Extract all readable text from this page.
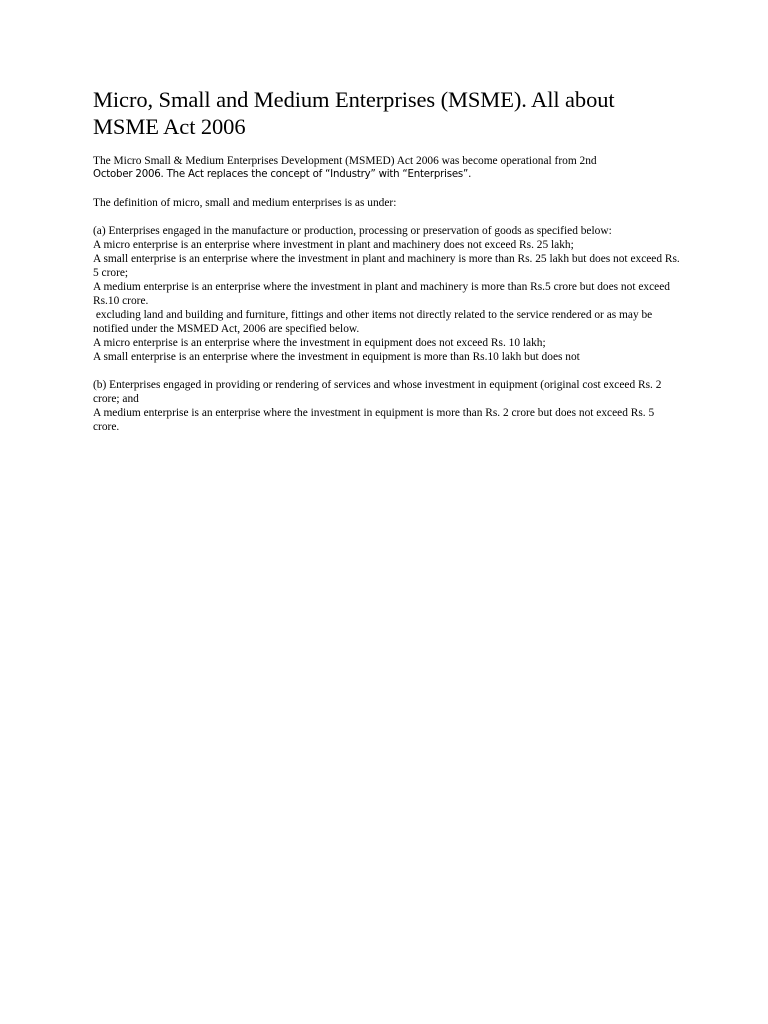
Micro, Small and Medium Enterprises (MSME). All about MSME Act 2006

The Micro Small & Medium Enterprises Development (MSMED) Act 2006 was become operational from 2nd
October 2006. The Act replaces the concept of “Industry” with “Enterprises”.

The definition of micro, small and medium enterprises is as under:

(a) Enterprises engaged in the manufacture or production, processing or preservation of goods as specified below:
A micro enterprise is an enterprise where investment in plant and machinery does not exceed Rs. 25 lakh;
A small enterprise is an enterprise where the investment in plant and machinery is more than Rs. 25 lakh but does not exceed Rs. 5 crore;
A medium enterprise is an enterprise where the investment in plant and machinery is more than Rs.5 crore but does not exceed Rs.10 crore.
excluding land and building and furniture, fittings and other items not directly related to the service rendered or as may be notified under the MSMED Act, 2006 are specified below.
A micro enterprise is an enterprise where the investment in equipment does not exceed Rs. 10 lakh;
A small enterprise is an enterprise where the investment in equipment is more than Rs.10 lakh but does not
(b) Enterprises engaged in providing or rendering of services and whose investment in equipment (original cost exceed Rs. 2 crore; and
A medium enterprise is an enterprise where the investment in equipment is more than Rs. 2 crore but does not exceed Rs. 5 crore.
